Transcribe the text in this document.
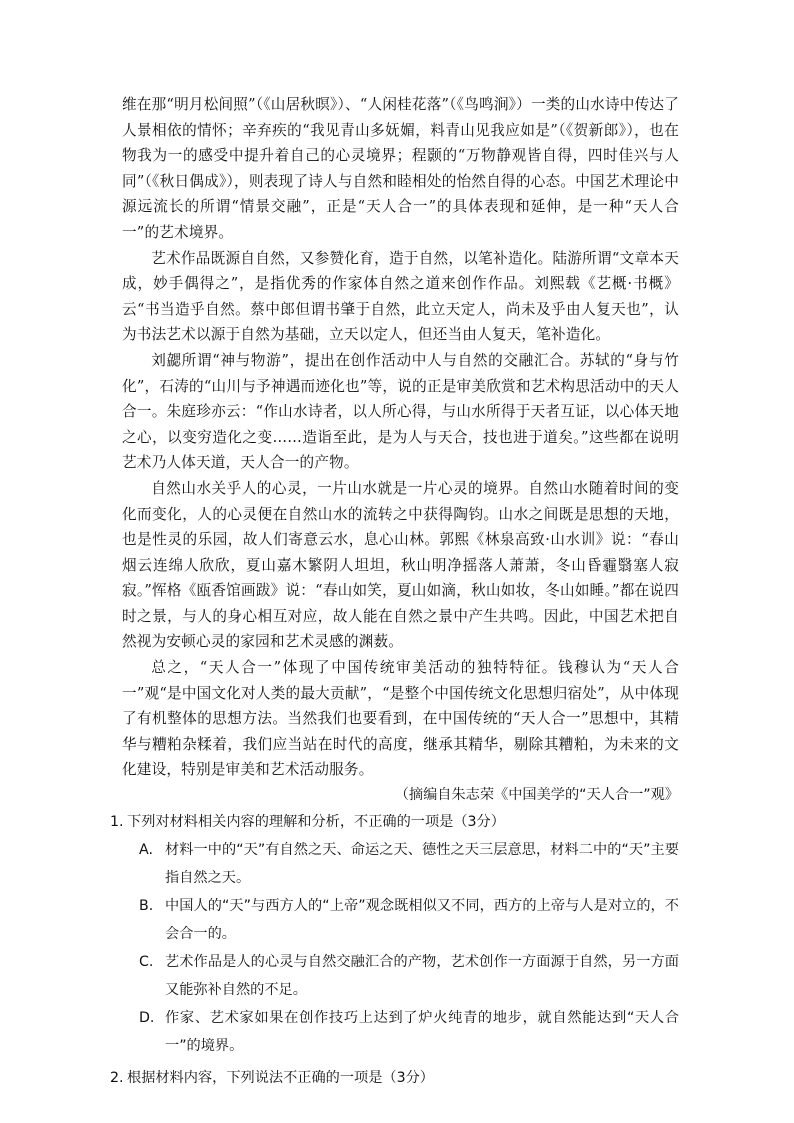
维在那“明月松间照”（《山居秋暝》）、“人闲桂花落”（《鸟鸣涧》）一类的山水诗中传达了人景相依的情怀；辛弃疾的“我见青山多妩媚，料青山见我应如是”（《贺新郎》），也在物我为一的感受中提升着自己的心灵境界；程颢的“万物静观皆自得，四时佳兴与人同”（《秋日偶成》），则表现了诗人与自然和睦相处的怡然自得的心态。中国艺术理论中源远流长的所谓“情景交融”，正是“天人合一”的具体表现和延伸，是一种“天人合一”的艺术境界。

艺术作品既源自自然，又参赞化育，造于自然，以笔补造化。陆游所谓“文章本天成，妙手偶得之”，是指优秀的作家体自然之道来创作作品。刘熙载《艺概·书概》云“书当造乎自然。蔡中郎但谓书肇于自然，此立天定人，尚未及乎由人复天也”，认为书法艺术以源于自然为基础，立天以定人，但还当由人复天，笔补造化。

刘勰所谓“神与物游”，提出在创作活动中人与自然的交融汇合。苏轼的“身与竹化”，石涛的“山川与予神遇而迹化也”等，说的正是审美欣赏和艺术构思活动中的天人合一。朱庭珍亦云：“作山水诗者，以人所心得，与山水所得于天者互证，以心体天地之心，以变穷造化之变……造诣至此，是为人与天合，技也进于道矣。”这些都在说明艺术乃人体天道，天人合一的产物。

自然山水关乎人的心灵，一片山水就是一片心灵的境界。自然山水随着时间的变化而变化，人的心灵便在自然山水的流转之中获得陶钧。山水之间既是思想的天地，也是性灵的乐园，故人们寄意云水，息心山林。郭熙《林泉高致·山水训》说：“春山烟云连绵人欣欣，夏山嘉木繁阴人坦坦，秋山明净摇落人萧萧，冬山昏霾翳塞人寂寂。”恽格《瓯香馆画跋》说：“春山如笑，夏山如滴，秋山如妆，冬山如睡。”都在说四时之景，与人的身心相互对应，故人能在自然之景中产生共鸣。因此，中国艺术把自然视为安顿心灵的家园和艺术灵感的渊薮。

总之，“天人合一”体现了中国传统审美活动的独特特征。钱穆认为“天人合一”观“是中国文化对人类的最大贡献”，“是整个中国传统文化思想归宿处”，从中体现了有机整体的思想方法。当然我们也要看到，在中国传统的“天人合一”思想中，其精华与糟粕杂糅着，我们应当站在时代的高度，继承其精华，剔除其糟粕，为未来的文化建设，特别是审美和艺术活动服务。

（摘编自朱志荣《中国美学的“天人合一”观》

1. 下列对材料相关内容的理解和分析，不正确的一项是（3分）
A. 材料一中的“天”有自然之天、命运之天、德性之天三层意思，材料二中的“天”主要指自然之天。
B. 中国人的“天”与西方人的“上帝”观念既相似又不同，西方的上帝与人是对立的，不会合一的。
C. 艺术作品是人的心灵与自然交融汇合的产物，艺术创作一方面源于自然，另一方面又能弥补自然的不足。
D. 作家、艺术家如果在创作技巧上达到了炉火纯青的地步，就自然能达到“天人合一”的境界。
2. 根据材料内容，下列说法不正确的一项是（3分）
